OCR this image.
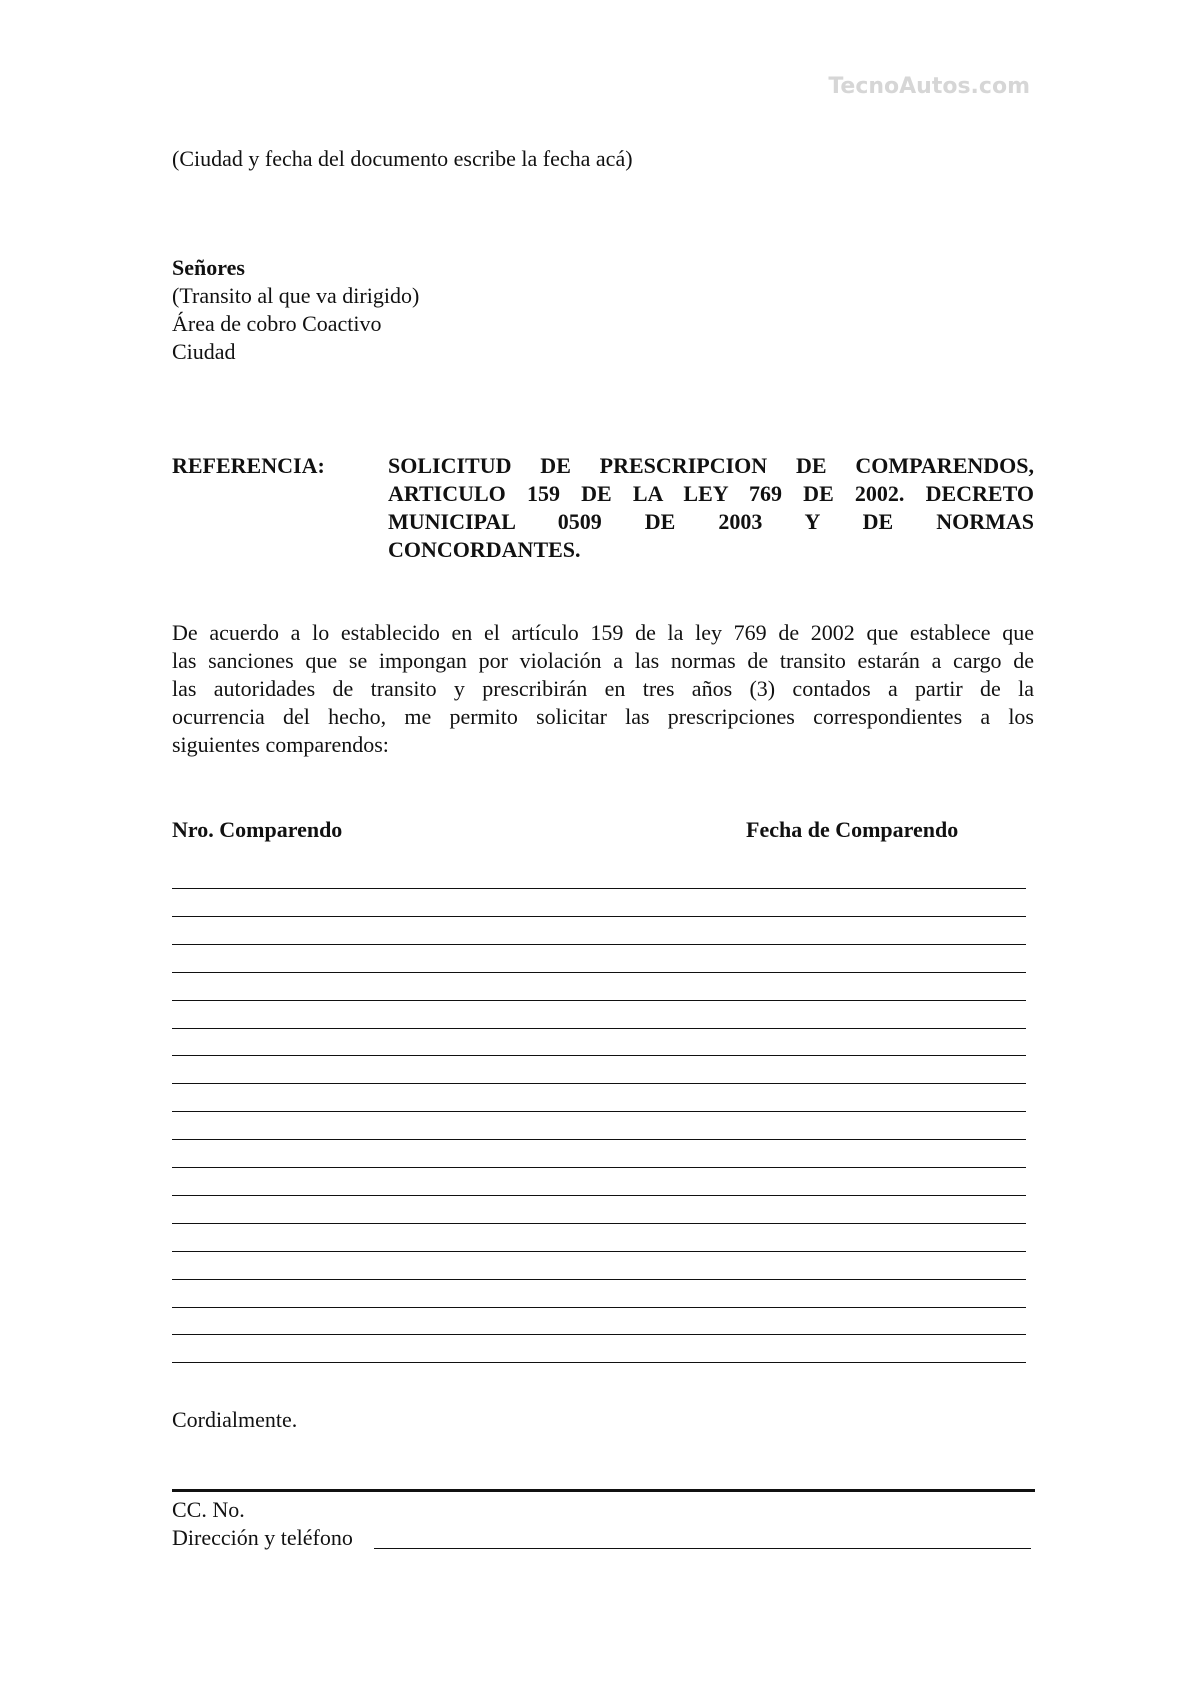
TecnoAutos.com
(Ciudad y fecha del documento escribe la fecha acá)
Señores
(Transito al que va dirigido)
Área de cobro Coactivo
Ciudad
REFERENCIA:	SOLICITUD DE PRESCRIPCION DE COMPARENDOS,
ARTICULO 159 DE LA LEY 769 DE 2002. DECRETO
MUNICIPAL 0509 DE 2003 Y DE NORMAS
CONCORDANTES.
De acuerdo a lo establecido en el artículo 159 de la ley 769 de 2002 que establece que
las sanciones que se impongan por violación a las normas de transito estarán a cargo de
las autoridades de transito y prescribirán en tres años (3) contados a partir de la
ocurrencia del hecho, me permito solicitar las prescripciones correspondientes a los
siguientes comparendos:
Nro. Comparendo	Fecha de Comparendo
Cordialmente.
CC. No.
Dirección y teléfono
